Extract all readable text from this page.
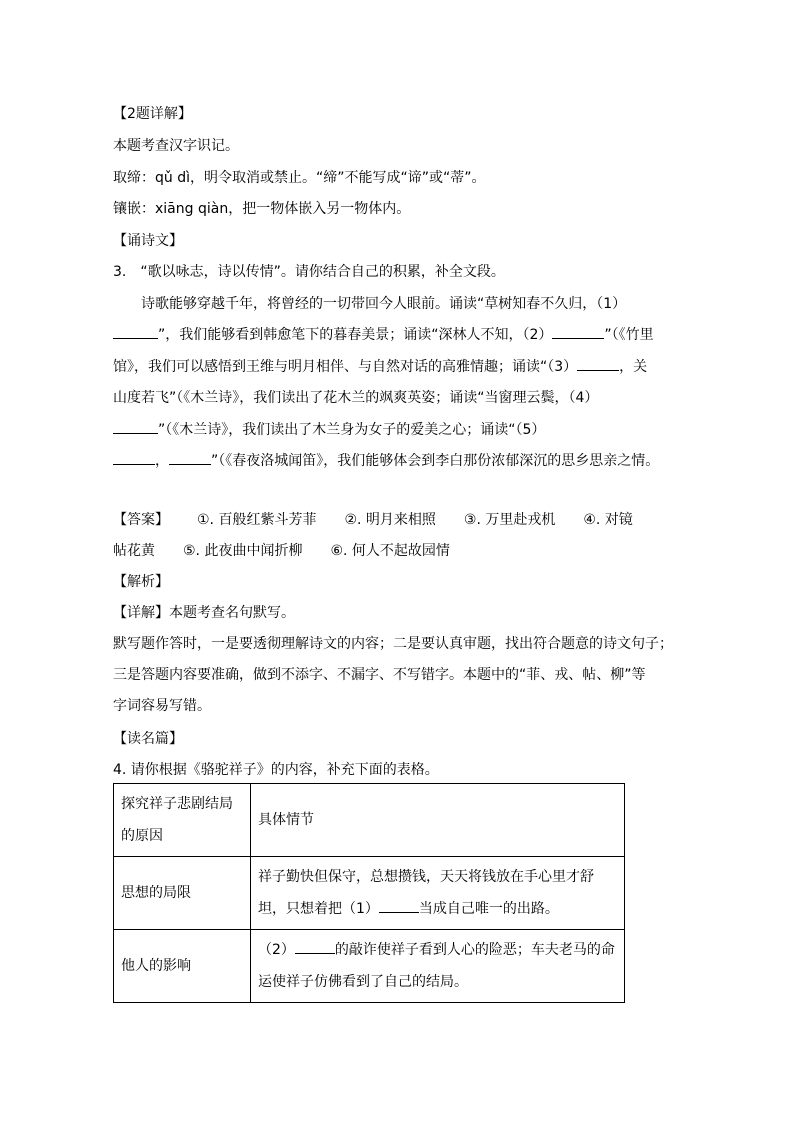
【2题详解】
本题考查汉字识记。
取缔：qǔ dì，明令取消或禁止。“缔”不能写成“谛”或“蒂”。
镶嵌：xiāng qiàn，把一物体嵌入另一物体内。
【诵诗文】
3.　“歌以咏志，诗以传情”。请你结合自己的积累，补全文段。
诗歌能够穿越千年，将曾经的一切带回今人眼前。诵读“草树知春不久归，（1）
”，我们能够看到韩愈笔下的暮春美景；诵读“深林人不知，（2）	”（《竹里
馆》，我们可以感悟到王维与明月相伴、与自然对话的高雅情趣；诵读“（3）	，关
山度若飞”（《木兰诗》，我们读出了花木兰的飒爽英姿；诵读“当窗理云鬓，（4）
”（《木兰诗》，我们读出了木兰身为女子的爱美之心；诵读“（5）
，	”（《春夜洛城闻笛》，我们能够体会到李白那份浓郁深沉的思乡思亲之情。
【答案】 ①. 百般红紫斗芳菲 ②. 明月来相照 ③. 万里赴戎机 ④. 对镜
帖花黄 ⑤. 此夜曲中闻折柳 ⑥. 何人不起故园情
【解析】
【详解】本题考查名句默写。
默写题作答时，一是要透彻理解诗文的内容；二是要认真审题，找出符合题意的诗文句子；
三是答题内容要准确，做到不添字、不漏字、不写错字。本题中的“菲、戎、帖、柳”等
字词容易写错。
【读名篇】
4. 请你根据《骆驼祥子》的内容，补充下面的表格。
探究祥子悲剧结局的原因	具体情节
思想的局限	祥子勤快但保守，总想攒钱，天天将钱放在手心里才舒坦，只想着把（1） 当成自己唯一的出路。
他人的影响	（2） 的敲诈使祥子看到人心的险恶；车夫老马的命运使祥子仿佛看到了自己的结局。
